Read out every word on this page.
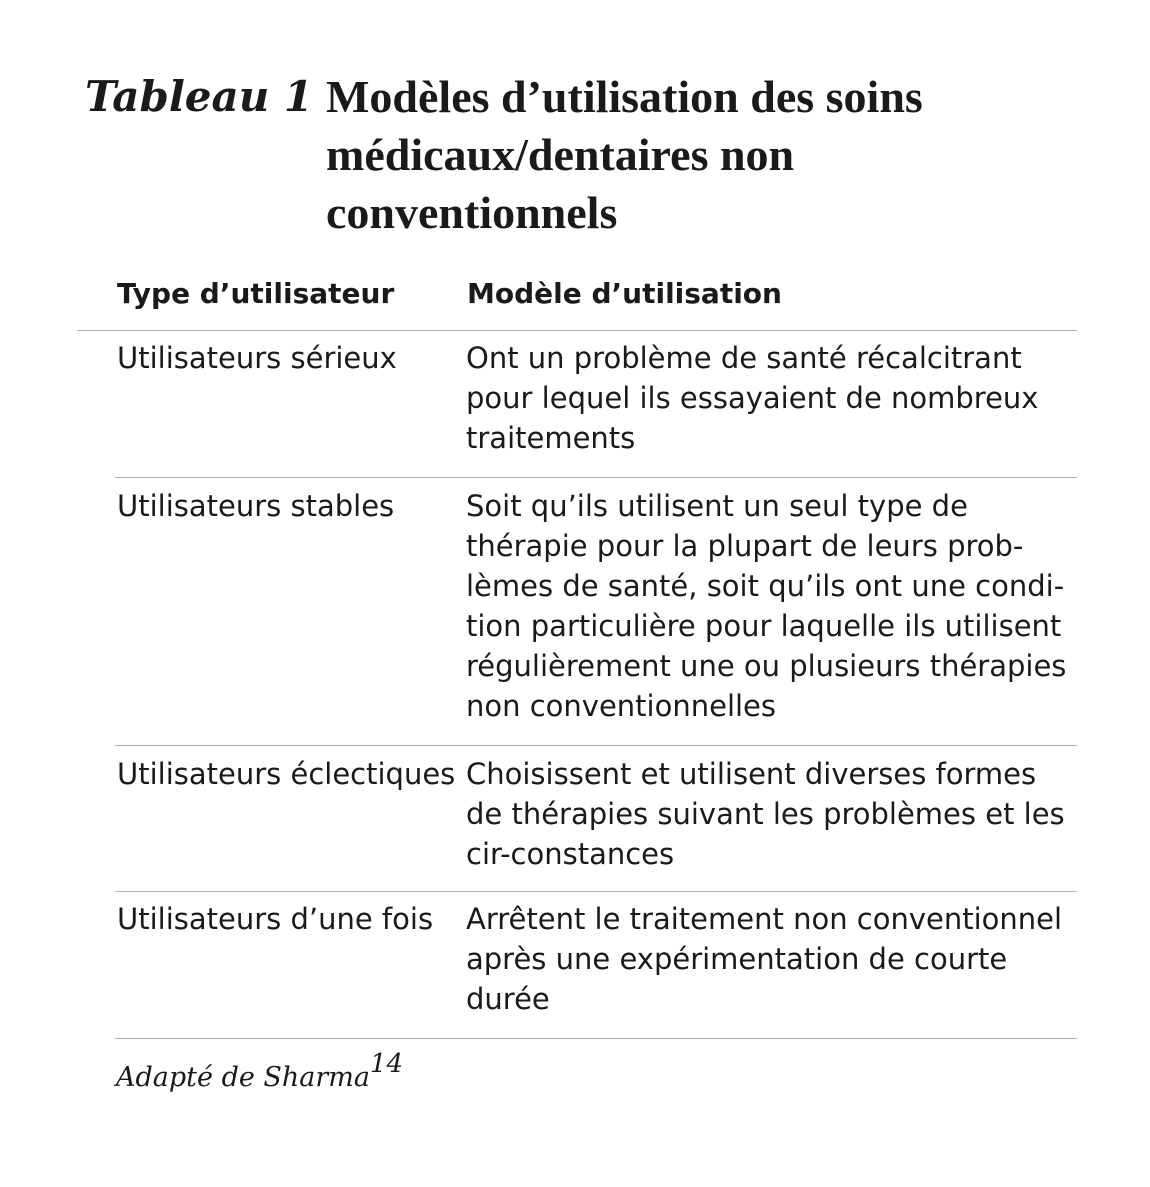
Tableau 1 Modèles d’utilisation des soins médicaux/dentaires non conventionnels
Type d’utilisateur	Modèle d’utilisation
Utilisateurs sérieux Ont un problème de santé récalcitrant pour lequel ils essayaient de nombreux traitements
Utilisateurs stables Soit qu’ils utilisent un seul type de thérapie pour la plupart de leurs prob-lèmes de santé, soit qu’ils ont une condi-tion particulière pour laquelle ils utilisent régulièrement une ou plusieurs thérapies non conventionnelles
Utilisateurs éclectiques Choisissent et utilisent diverses formes de thérapies suivant les problèmes et les cir-constances
Utilisateurs d’une fois Arrêtent le traitement non conventionnel après une expérimentation de courte durée
Adapté de Sharma$^{14}$
